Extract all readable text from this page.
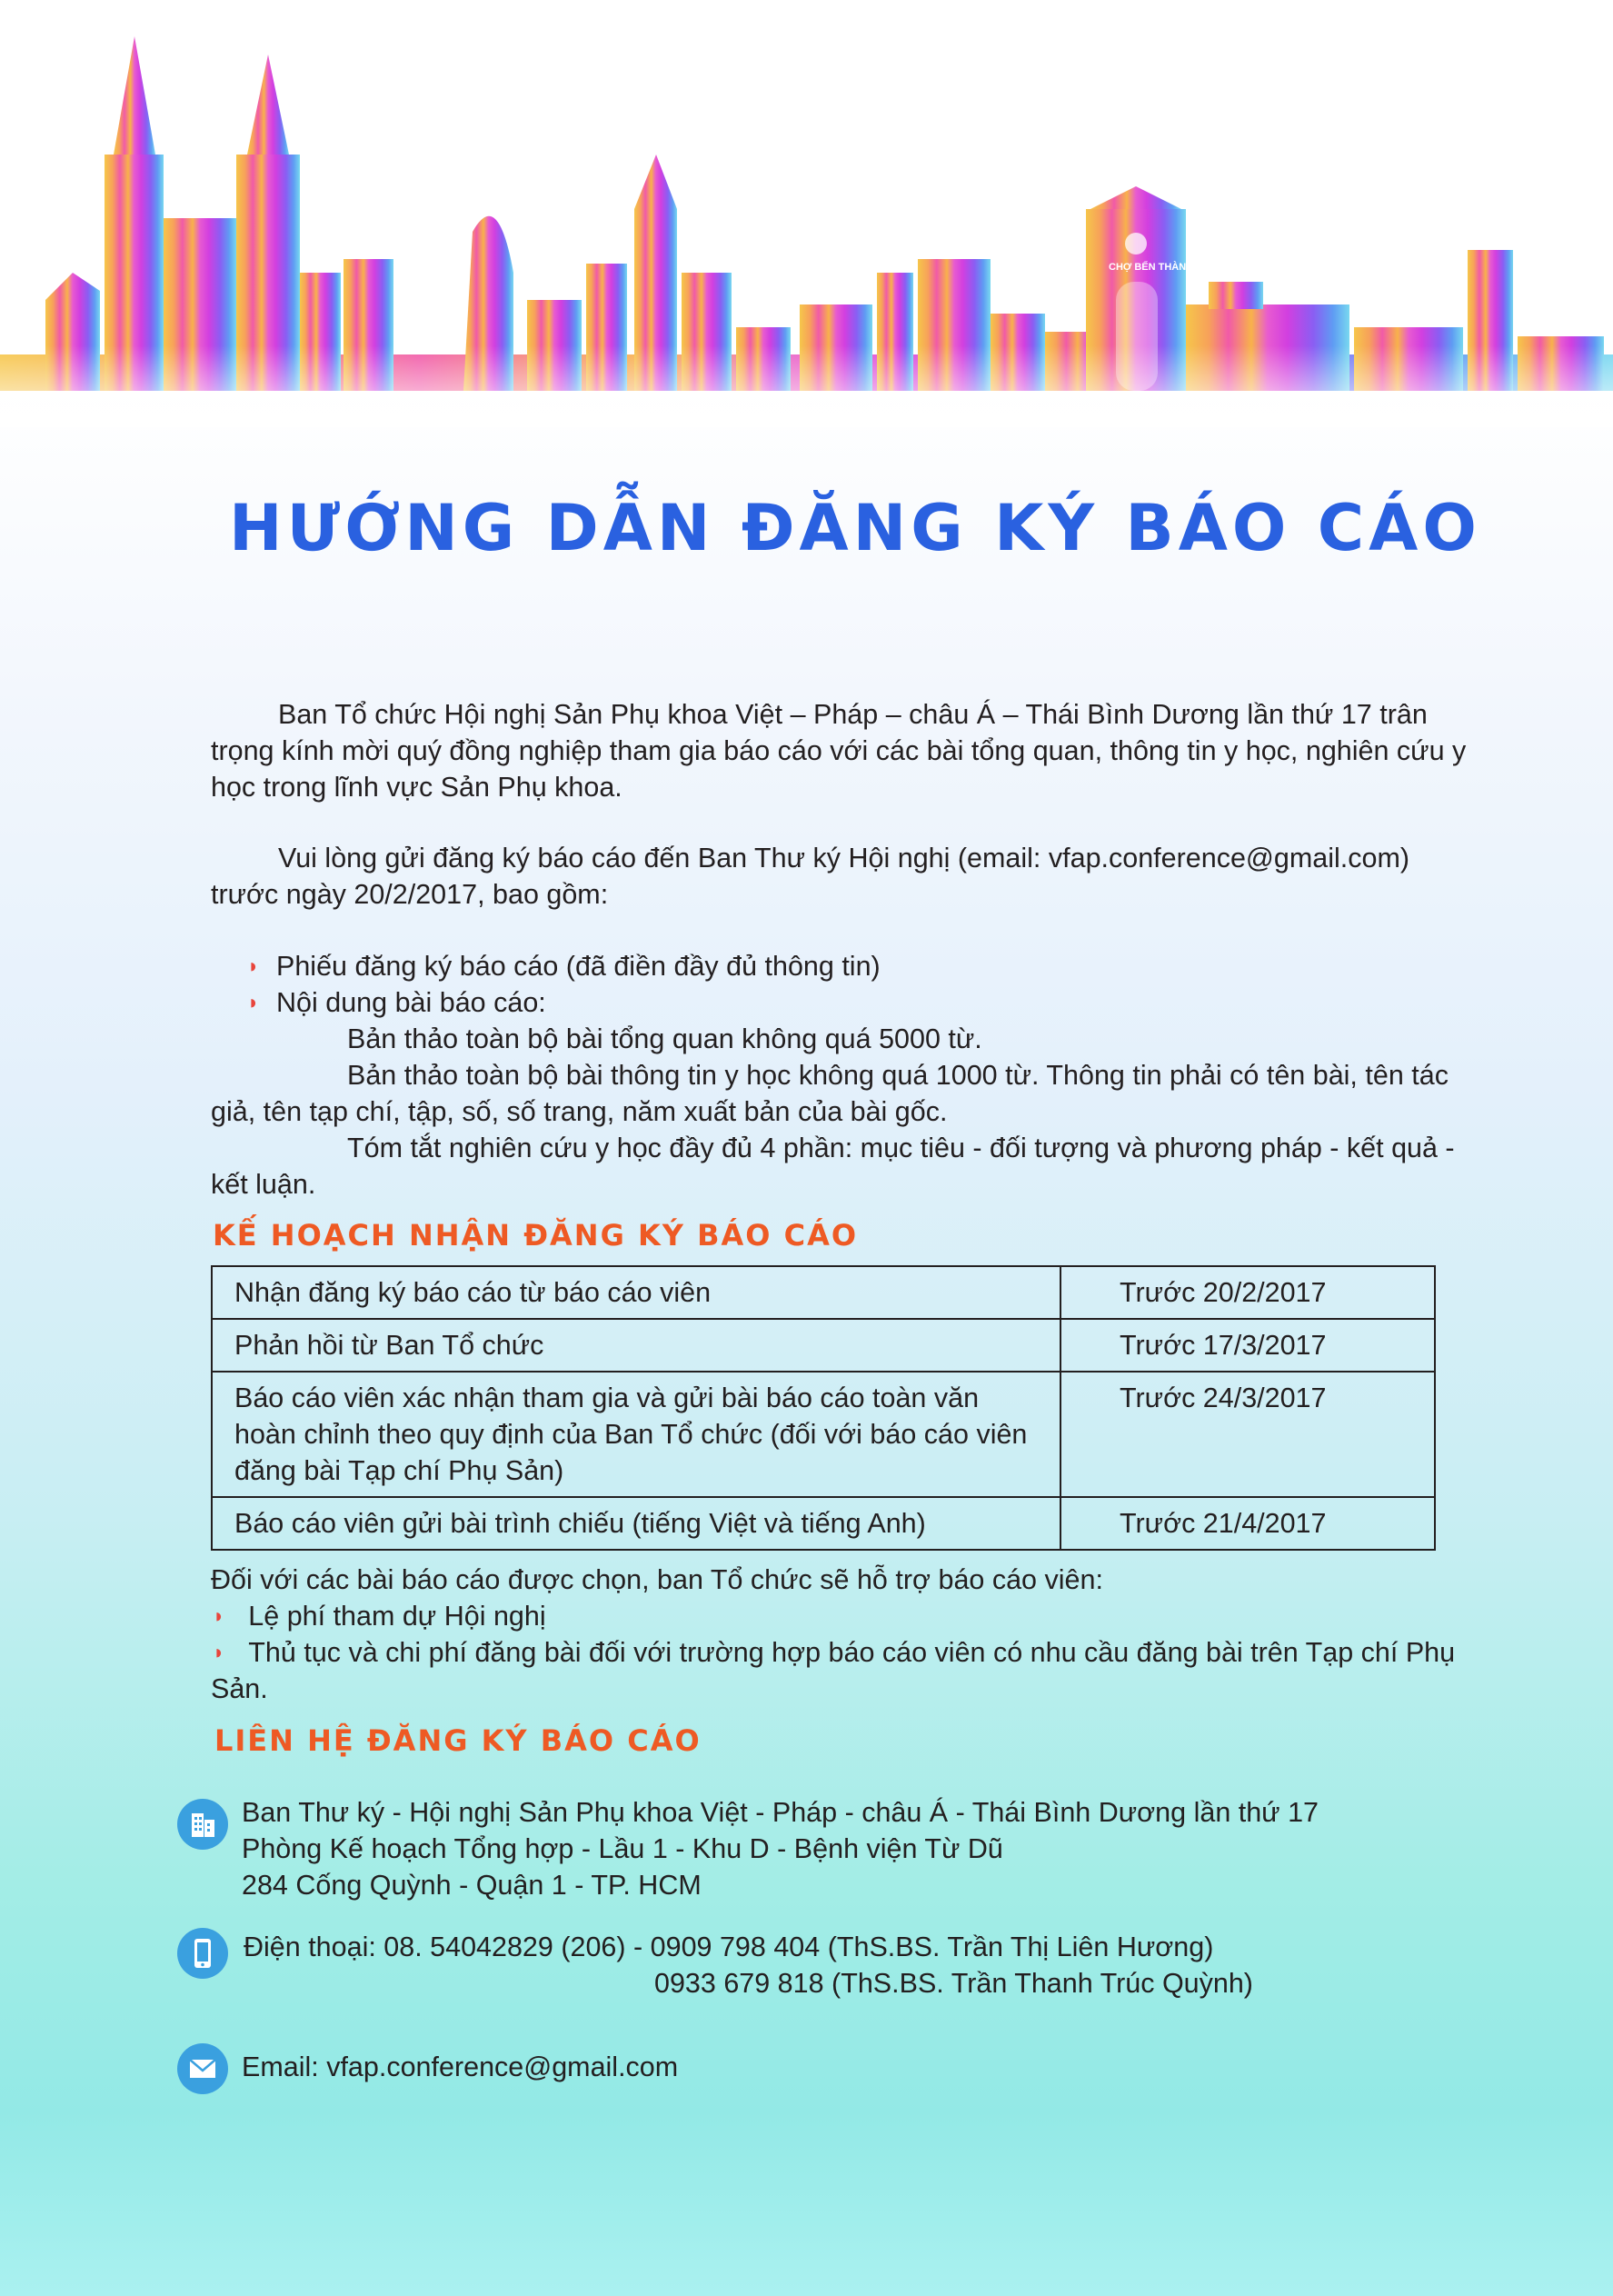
CHỢ BẾN THÀNH
HƯỚNG DẪN ĐĂNG KÝ BÁO CÁO

Ban Tổ chức Hội nghị Sản Phụ khoa Việt – Pháp – châu Á – Thái Bình Dương lần thứ 17 trân trọng kính mời quý đồng nghiệp tham gia báo cáo với các bài tổng quan, thông tin y học, nghiên cứu y học trong lĩnh vực Sản Phụ khoa.

Vui lòng gửi đăng ký báo cáo đến Ban Thư ký Hội nghị (email: vfap.conference@gmail.com) trước ngày 20/2/2017, bao gồm:

◗ Phiếu đăng ký báo cáo (đã điền đầy đủ thông tin)
◗ Nội dung bài báo cáo:
Bản thảo toàn bộ bài tổng quan không quá 5000 từ.

Bản thảo toàn bộ bài thông tin y học không quá 1000 từ. Thông tin phải có tên bài, tên tác giả, tên tạp chí, tập, số, số trang, năm xuất bản của bài gốc.

Tóm tắt nghiên cứu y học đầy đủ 4 phần: mục tiêu - đối tượng và phương pháp - kết quả - kết luận.

KẾ HOẠCH NHẬN ĐĂNG KÝ BÁO CÁO
Nhận đăng ký báo cáo từ báo cáo viên	Trước 20/2/2017
Phản hồi từ Ban Tổ chức	Trước 17/3/2017
Báo cáo viên xác nhận tham gia và gửi bài báo cáo toàn văn hoàn chỉnh theo quy định của Ban Tổ chức (đối với báo cáo viên đăng bài Tạp chí Phụ Sản)	Trước 24/3/2017
Báo cáo viên gửi bài trình chiếu (tiếng Việt và tiếng Anh)	Trước 21/4/2017
Đối với các bài báo cáo được chọn, ban Tổ chức sẽ hỗ trợ báo cáo viên:
◗ Lệ phí tham dự Hội nghị
◗ Thủ tục và chi phí đăng bài đối với trường hợp báo cáo viên có nhu cầu đăng bài trên Tạp chí Phụ Sản.
LIÊN HỆ ĐĂNG KÝ BÁO CÁO
Ban Thư ký - Hội nghị Sản Phụ khoa Việt - Pháp - châu Á - Thái Bình Dương lần thứ 17
Phòng Kế hoạch Tổng hợp - Lầu 1 - Khu D - Bệnh viện Từ Dũ
284 Cống Quỳnh - Quận 1 - TP. HCM
Điện thoại: 08. 54042829 (206) - 0909 798 404 (ThS.BS. Trần Thị Liên Hương)
0933 679 818 (ThS.BS. Trần Thanh Trúc Quỳnh)
Email: vfap.conference@gmail.com
